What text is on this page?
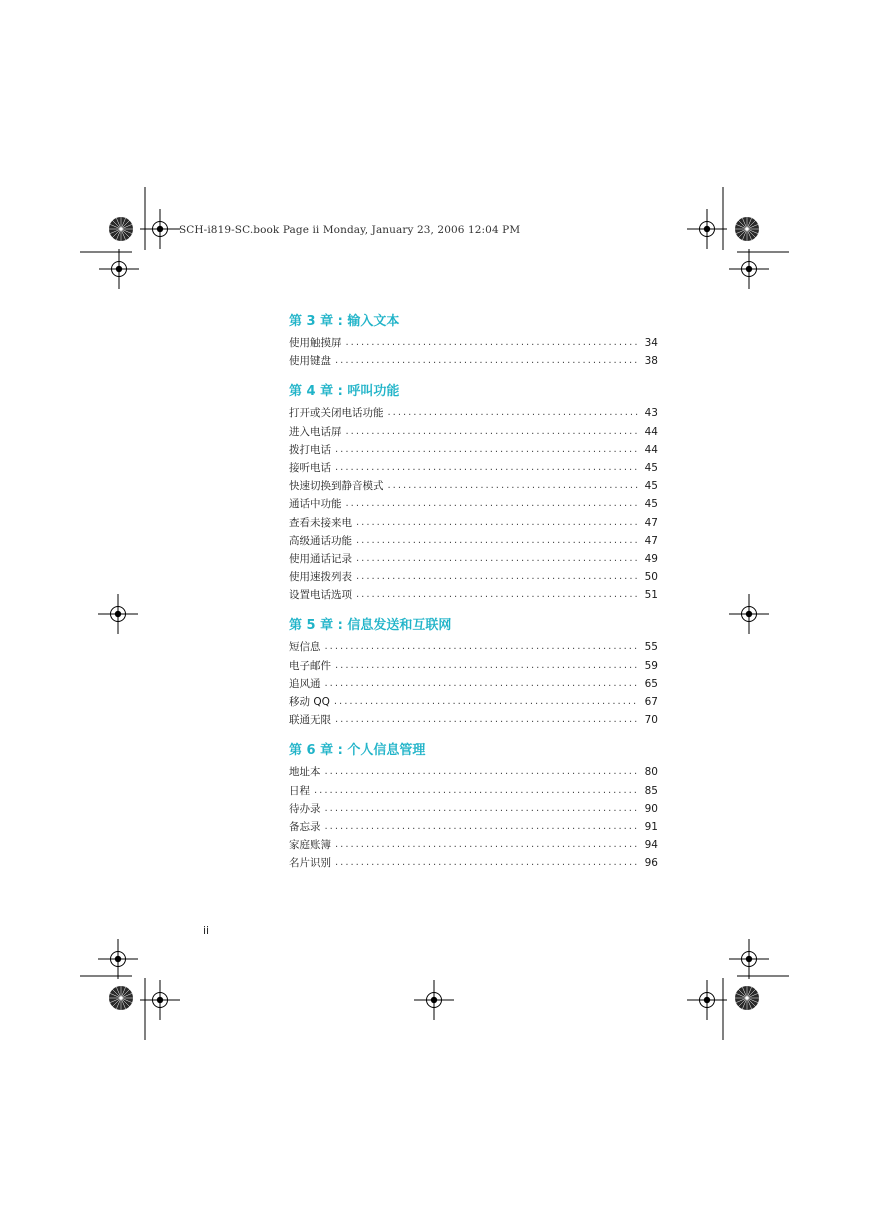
SCH-i819-SC.book Page ii Monday, January 23, 2006 12:04 PM
第 3 章 : 输入文本
使用触摸屏 . . .	34
使用键盘 . . .	38
第 4 章 : 呼叫功能
打开或关闭电话功能 . . .	43
进入电话屏 . . .	44
拨打电话 . . .	44
接听电话 . . .	45
快速切换到静音模式 . . .	45
通话中功能 . . .	45
查看未接来电 . . .	47
高级通话功能 . . .	47
使用通话记录 . . .	49
使用速拨列表 . . .	50
设置电话选项 . . .	51
第 5 章 : 信息发送和互联网
短信息 . . .	55
电子邮件 . . .	59
追风通 . . .	65
移动 QQ . . .	67
联通无限 . . .	70
第 6 章 : 个人信息管理
地址本 . . .	80
日程 . . .	85
待办录 . . .	90
备忘录 . . .	91
家庭账簿 . . .	94
名片识别 . . .	96
ii
